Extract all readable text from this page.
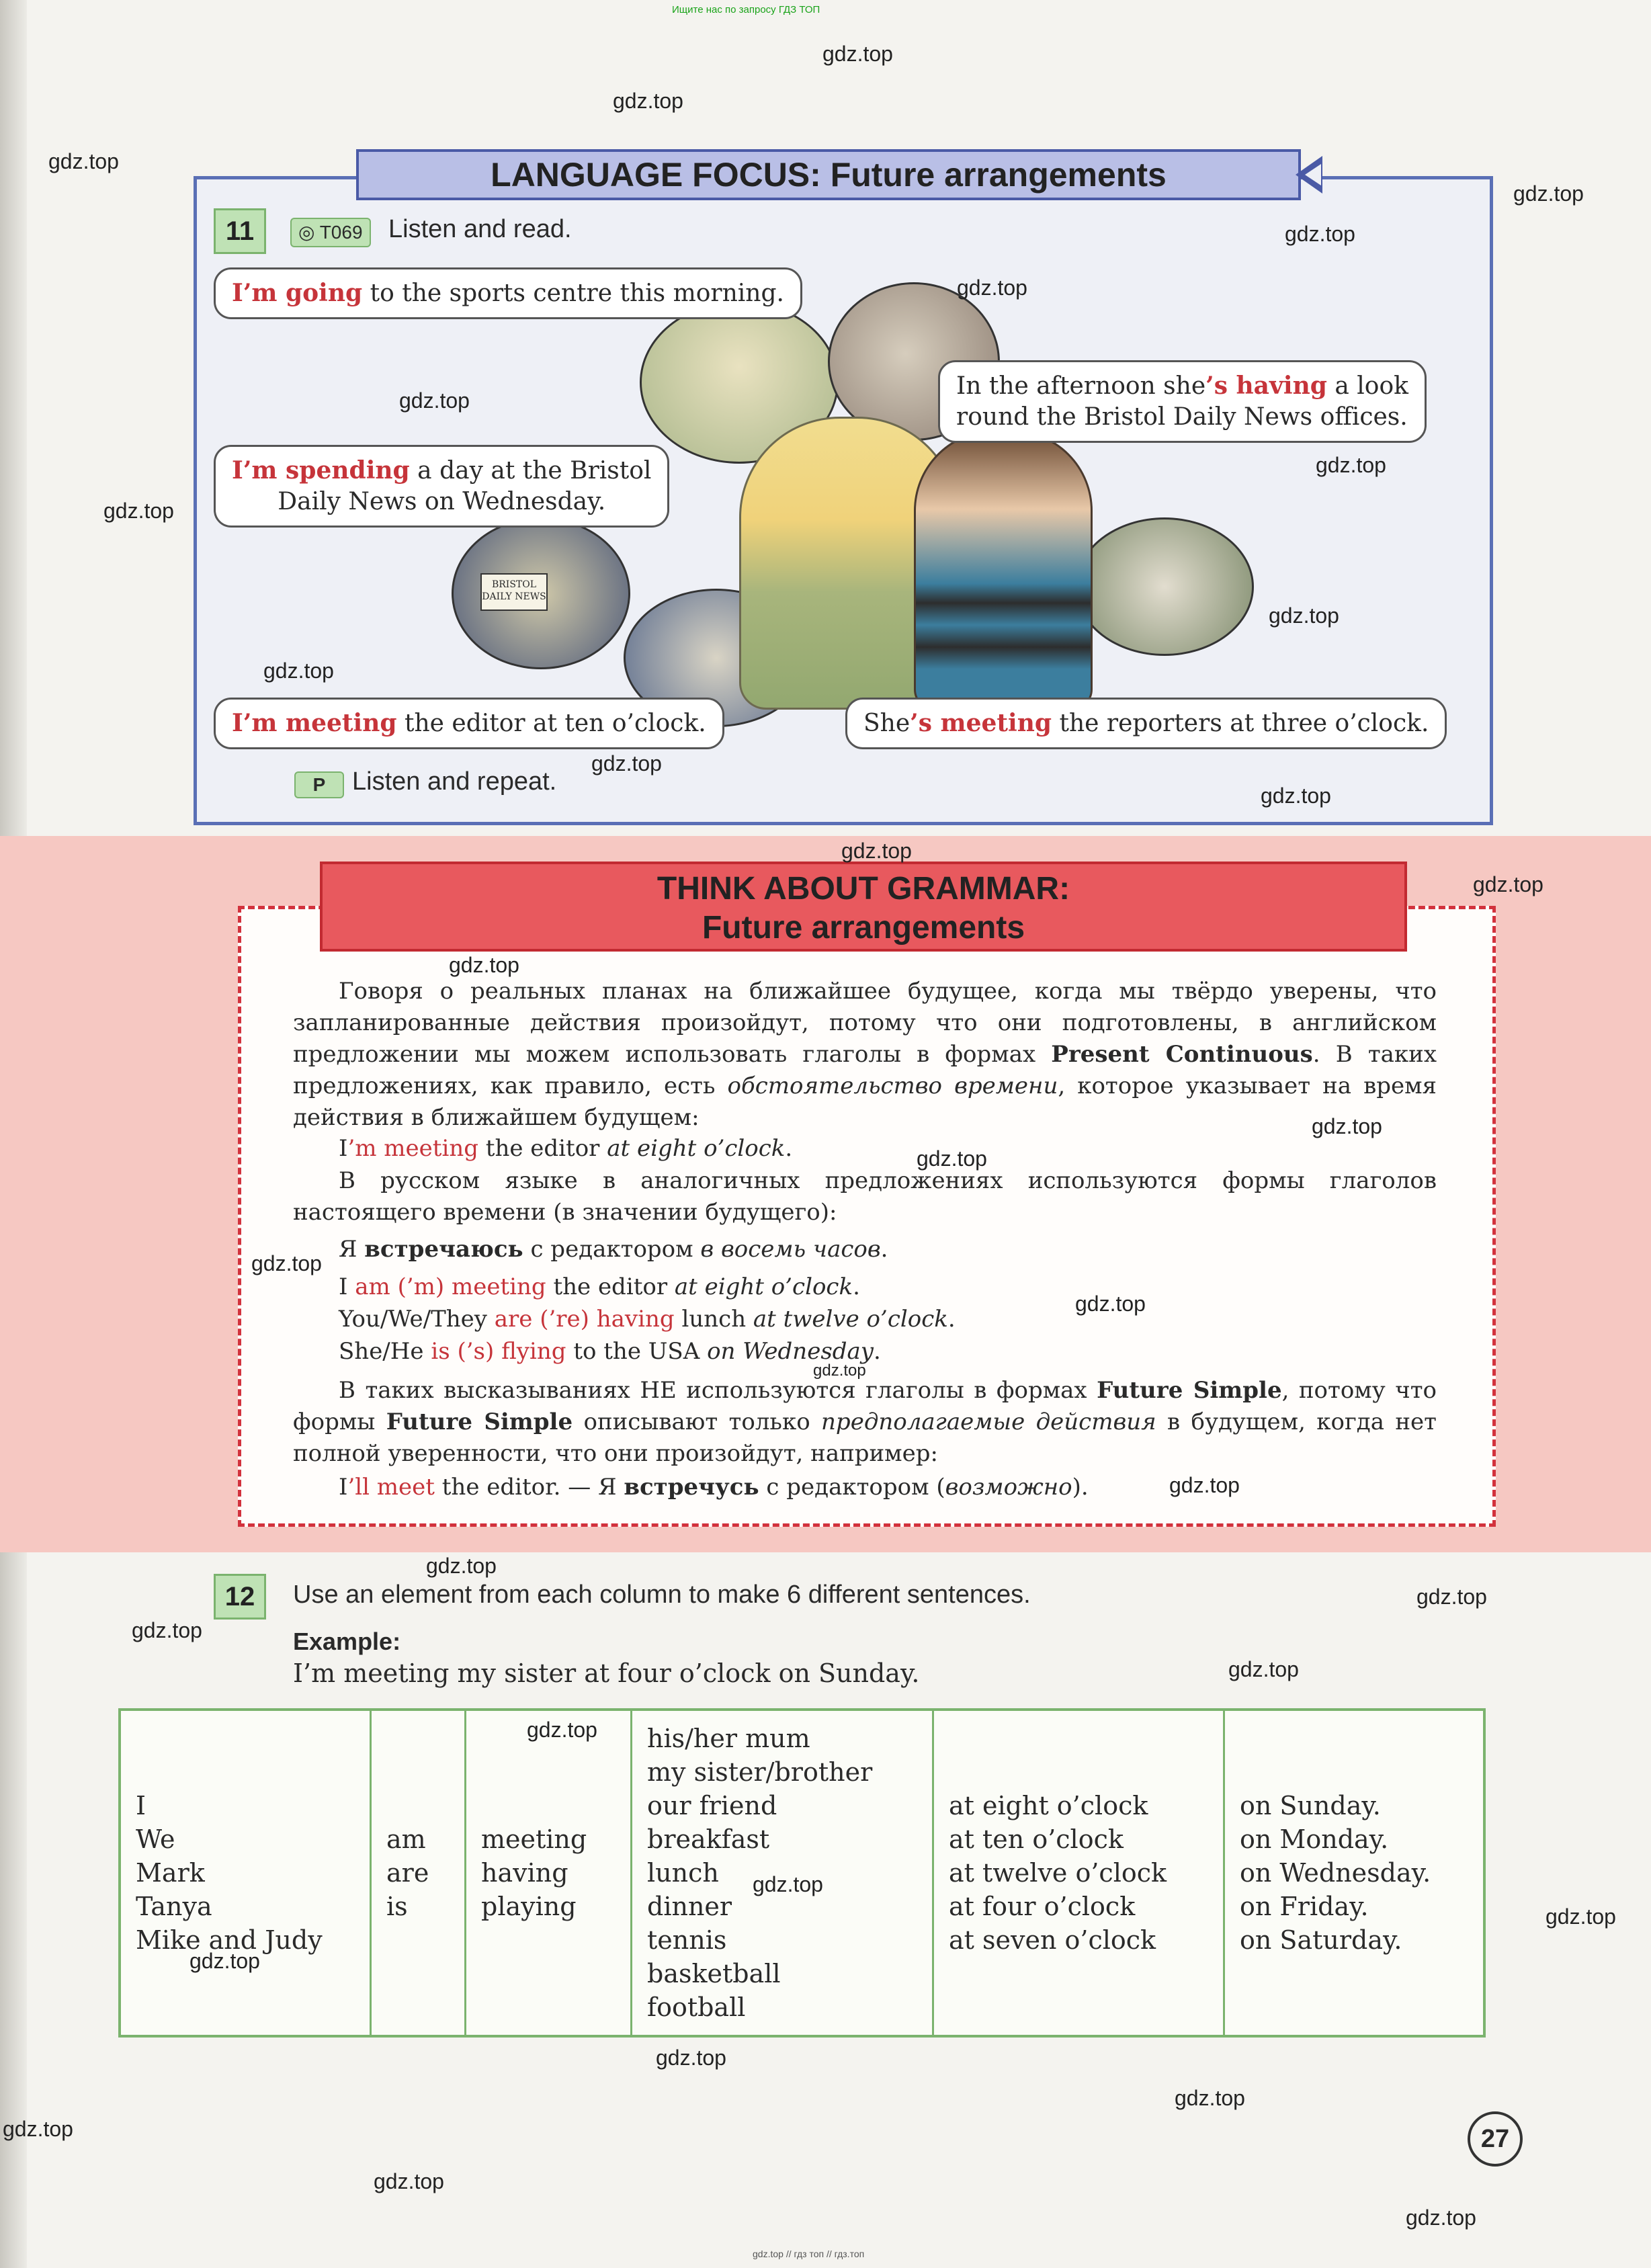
Ищите нас по запросу ГДЗ ТОП
LANGUAGE FOCUS: Future arrangements
11	◎ T069	Listen and read.
BRISTOL DAILY NEWS
I’m going to the sports centre this morning.
In the afternoon she’s having a look
round the Bristol Daily News offices.
I’m spending a day at the Bristol
Daily News on Wednesday.
I’m meeting the editor at ten o’clock.	She’s meeting the reporters at three o’clock.
P	Listen and repeat.
THINK ABOUT GRAMMAR:
Future arrangements
Говоря о реальных планах на ближайшее будущее, когда мы твёрдо уверены, что запланированные действия произойдут, потому что они подготовлены, в английском предложении мы можем использовать глаголы в формах Present Continuous. В таких предложениях, как правило, есть обстоятельство времени, которое указывает на время действия в ближайшем будущем:
I’m meeting the editor at eight o’clock.
В русском языке в аналогичных предложениях используются формы глаголов настоящего времени (в значении будущего):
Я встречаюсь с редактором в восемь часов.
I am (’m) meeting the editor at eight o’clock.
You/We/They are (’re) having lunch at twelve o’clock.
She/He is (’s) flying to the USA on Wednesday.
В таких высказываниях НЕ используются глаголы в формах Future Simple, потому что формы Future Simple описывают только предполагаемые действия в будущем, когда нет полной уверенности, что они произойдут, например:
I’ll meet the editor. — Я встречусь с редактором (возможно).
12	Use an element from each column to make 6 different sentences.
Example:
I’m meeting my sister at four o’clock on Sunday.
I
We
Mark
Tanya
Mike and Judy

am
are
is

meeting
having
playing

his/her mum
my sister/brother
our friend
breakfast
lunch
dinner
tennis
basketball
football

at eight o’clock
at ten o’clock
at twelve o’clock
at four o’clock
at seven o’clock

on Sunday.
on Monday.
on Wednesday.
on Friday.
on Saturday.
27
gdz.top // гдз топ // гдз.топ
gdz.top
gdz.top
gdz.top
gdz.top
gdz.top
gdz.top
gdz.top
gdz.top
gdz.top
gdz.top
gdz.top
gdz.top
gdz.top
gdz.top
gdz.top
gdz.top
gdz.top
gdz.top
gdz.top
gdz.top
gdz.top
gdz.top
gdz.top
gdz.top
gdz.top
gdz.top
gdz.top
gdz.top
gdz.top
gdz.top
gdz.top
gdz.top
gdz.top
gdz.top
gdz.top
